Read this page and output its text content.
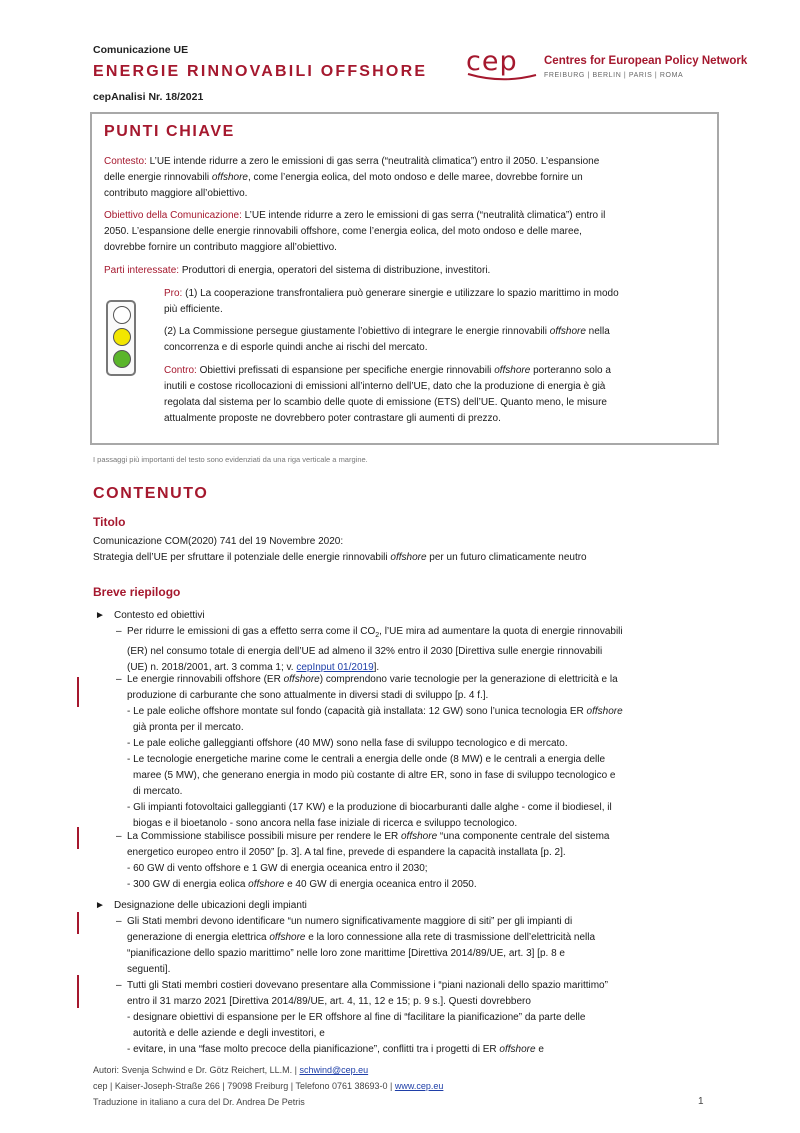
Comunicazione UE
ENERGIE RINNOVABILI OFFSHORE
cepAnalisi Nr. 18/2021
cep Centres for European Policy Network
FREIBURG | BERLIN | PARIS | ROMA
PUNTI CHIAVE
Contesto: L’UE intende ridurre a zero le emissioni di gas serra (“neutralità climatica”) entro il 2050. L’espansione
delle energie rinnovabili offshore, come l’energia eolica, del moto ondoso e delle maree, dovrebbe fornire un
contributo maggiore all’obiettivo.
Obiettivo della Comunicazione: L’UE intende ridurre a zero le emissioni di gas serra (“neutralità climatica”) entro il
2050. L’espansione delle energie rinnovabili offshore, come l’energia eolica, del moto ondoso e delle maree,
dovrebbe fornire un contributo maggiore all’obiettivo.
Parti interessate: Produttori di energia, operatori del sistema di distribuzione, investitori.
Pro: (1) La cooperazione transfrontaliera può generare sinergie e utilizzare lo spazio marittimo in modo
più efficiente.
(2) La Commissione persegue giustamente l’obiettivo di integrare le energie rinnovabili offshore nella
concorrenza e di esporle quindi anche ai rischi del mercato.
Contro: Obiettivi prefissati di espansione per specifiche energie rinnovabili offshore porteranno solo a
inutili e costose ricollocazioni di emissioni all’interno dell’UE, dato che la produzione di energia è già
regolata dal sistema per lo scambio delle quote di emissione (ETS) dell’UE. Quanto meno, le misure
attualmente proposte ne dovrebbero poter contrastare gli aumenti di prezzo.
I passaggi più importanti del testo sono evidenziati da una riga verticale a margine.
CONTENUTO
Titolo
Comunicazione COM(2020) 741 del 19 Novembre 2020:
Strategia dell’UE per sfruttare il potenziale delle energie rinnovabili offshore per un futuro climaticamente neutro
Breve riepilogo
► Contesto ed obiettivi
– Per ridurre le emissioni di gas a effetto serra come il $CO_2$, l’UE mira ad aumentare la quota di energie rinnovabili
(ER) nel consumo totale di energia dell’UE ad almeno il 32% entro il 2030 [Direttiva sulle energie rinnovabili
(UE) n. 2018/2001, art. 3 comma 1; v. cepInput 01/2019].
– Le energie rinnovabili offshore (ER offshore) comprendono varie tecnologie per la generazione di elettricità e la
produzione di carburante che sono attualmente in diversi stadi di sviluppo [p. 4 f.].
- Le pale eoliche offshore montate sul fondo (capacità già installata: 12 GW) sono l’unica tecnologia ER offshore
già pronta per il mercato.
- Le pale eoliche galleggianti offshore (40 MW) sono nella fase di sviluppo tecnologico e di mercato.
- Le tecnologie energetiche marine come le centrali a energia delle onde (8 MW) e le centrali a energia delle
maree (5 MW), che generano energia in modo più costante di altre ER, sono in fase di sviluppo tecnologico e
di mercato.
- Gli impianti fotovoltaici galleggianti (17 KW) e la produzione di biocarburanti dalle alghe - come il biodiesel, il
biogas e il bioetanolo - sono ancora nella fase iniziale di ricerca e sviluppo tecnologico.
– La Commissione stabilisce possibili misure per rendere le ER offshore “una componente centrale del sistema
energetico europeo entro il 2050” [p. 3]. A tal fine, prevede di espandere la capacità installata [p. 2].
- 60 GW di vento offshore e 1 GW di energia oceanica entro il 2030;
- 300 GW di energia eolica offshore e 40 GW di energia oceanica entro il 2050.
► Designazione delle ubicazioni degli impianti
– Gli Stati membri devono identificare “un numero significativamente maggiore di siti” per gli impianti di
generazione di energia elettrica offshore e la loro connessione alla rete di trasmissione dell’elettricità nella
“pianificazione dello spazio marittimo” nelle loro zone marittime [Direttiva 2014/89/UE, art. 3] [p. 8 e
seguenti].
– Tutti gli Stati membri costieri dovevano presentare alla Commissione i “piani nazionali dello spazio marittimo”
entro il 31 marzo 2021 [Direttiva 2014/89/UE, art. 4, 11, 12 e 15; p. 9 s.]. Questi dovrebbero
- designare obiettivi di espansione per le ER offshore al fine di “facilitare la pianificazione” da parte delle
autorità e delle aziende e degli investitori, e
- evitare, in una “fase molto precoce della pianificazione”, conflitti tra i progetti di ER offshore e
Autori: Svenja Schwind e Dr. Götz Reichert, LL.M. | schwind@cep.eu
cep | Kaiser-Joseph-Straße 266 | 79098 Freiburg | Telefono 0761 38693-0 | www.cep.eu
Traduzione in italiano a cura del Dr. Andrea De Petris	1
